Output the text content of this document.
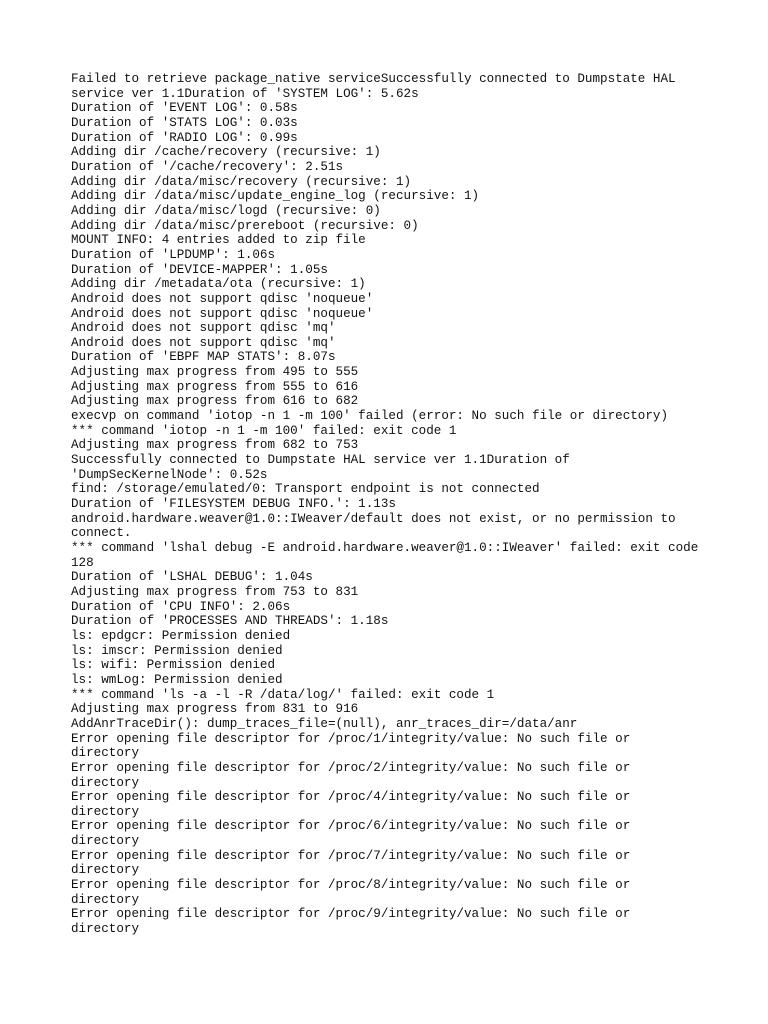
Failed to retrieve package_native serviceSuccessfully connected to Dumpstate HAL
service ver 1.1Duration of 'SYSTEM LOG': 5.62s
Duration of 'EVENT LOG': 0.58s
Duration of 'STATS LOG': 0.03s
Duration of 'RADIO LOG': 0.99s
Adding dir /cache/recovery (recursive: 1)
Duration of '/cache/recovery': 2.51s
Adding dir /data/misc/recovery (recursive: 1)
Adding dir /data/misc/update_engine_log (recursive: 1)
Adding dir /data/misc/logd (recursive: 0)
Adding dir /data/misc/prereboot (recursive: 0)
MOUNT INFO: 4 entries added to zip file
Duration of 'LPDUMP': 1.06s
Duration of 'DEVICE-MAPPER': 1.05s
Adding dir /metadata/ota (recursive: 1)
Android does not support qdisc 'noqueue'
Android does not support qdisc 'noqueue'
Android does not support qdisc 'mq'
Android does not support qdisc 'mq'
Duration of 'EBPF MAP STATS': 8.07s
Adjusting max progress from 495 to 555
Adjusting max progress from 555 to 616
Adjusting max progress from 616 to 682
execvp on command 'iotop -n 1 -m 100' failed (error: No such file or directory)
*** command 'iotop -n 1 -m 100' failed: exit code 1
Adjusting max progress from 682 to 753
Successfully connected to Dumpstate HAL service ver 1.1Duration of
'DumpSecKernelNode': 0.52s
find: /storage/emulated/0: Transport endpoint is not connected
Duration of 'FILESYSTEM DEBUG INFO.': 1.13s
android.hardware.weaver@1.0::IWeaver/default does not exist, or no permission to
connect.
*** command 'lshal debug -E android.hardware.weaver@1.0::IWeaver' failed: exit code
128
Duration of 'LSHAL DEBUG': 1.04s
Adjusting max progress from 753 to 831
Duration of 'CPU INFO': 2.06s
Duration of 'PROCESSES AND THREADS': 1.18s
ls: epdgcr: Permission denied
ls: imscr: Permission denied
ls: wifi: Permission denied
ls: wmLog: Permission denied
*** command 'ls -a -l -R /data/log/' failed: exit code 1
Adjusting max progress from 831 to 916
AddAnrTraceDir(): dump_traces_file=(null), anr_traces_dir=/data/anr
Error opening file descriptor for /proc/1/integrity/value: No such file or
directory
Error opening file descriptor for /proc/2/integrity/value: No such file or
directory
Error opening file descriptor for /proc/4/integrity/value: No such file or
directory
Error opening file descriptor for /proc/6/integrity/value: No such file or
directory
Error opening file descriptor for /proc/7/integrity/value: No such file or
directory
Error opening file descriptor for /proc/8/integrity/value: No such file or
directory
Error opening file descriptor for /proc/9/integrity/value: No such file or
directory
